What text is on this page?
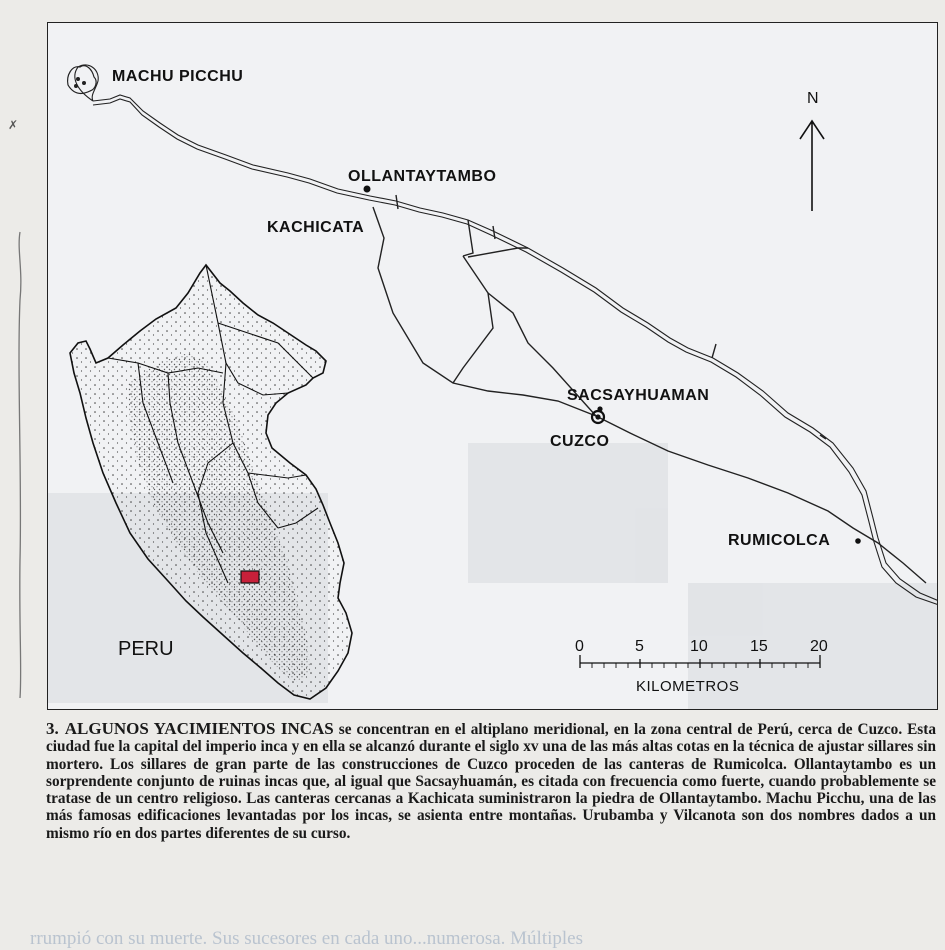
✗
MACHU PICCHU
OLLANTAYTAMBO
KACHICATA
SACSAYHUAMAN
CUZCO
RUMICOLCA
N
0	5	10	15	20
KILOMETROS
PERU

3. ALGUNOS YACIMIENTOS INCAS se concentran en el altiplano meridional, en la zona central de Perú, cerca de Cuzco. Esta ciudad fue la capital del imperio inca y en ella se alcanzó durante el siglo xv una de las más altas cotas en la técnica de ajustar sillares sin mortero. Los sillares de gran parte de las construcciones de Cuzco proceden de las canteras de Rumicolca. Ollantaytambo es un sorprendente conjunto de ruinas incas que, al igual que Sacsayhuamán, es citada con frecuencia como fuerte, cuando probablemente se tratase de un centro religioso. Las canteras cercanas a Kachicata suministraron la piedra de Ollantaytambo. Machu Picchu, una de las más famosas edificaciones levantadas por los incas, se asienta entre montañas. Urubamba y Vilcanota son dos nombres dados a un mismo río en dos partes diferentes de su curso.

rrumpió con su muerte. Sus sucesores en cada uno...numerosa. Múltiples
